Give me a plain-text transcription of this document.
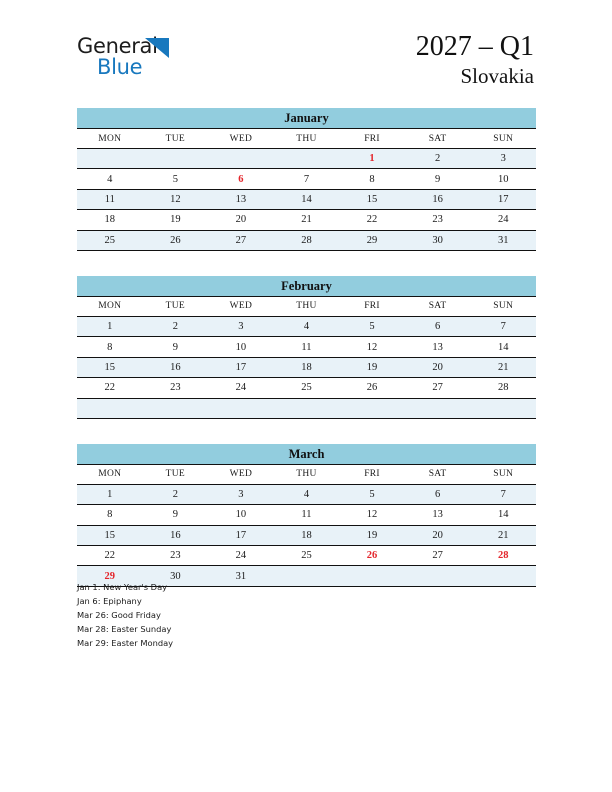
General
Blue
2027 – Q1
Slovakia
January
MON	TUE	WED	THU	FRI	SAT	SUN
				1	2	3
4	5	6	7	8	9	10
11	12	13	14	15	16	17
18	19	20	21	22	23	24
25	26	27	28	29	30	31
February
MON	TUE	WED	THU	FRI	SAT	SUN
1	2	3	4	5	6	7
8	9	10	11	12	13	14
15	16	17	18	19	20	21
22	23	24	25	26	27	28

March
MON	TUE	WED	THU	FRI	SAT	SUN
1	2	3	4	5	6	7
8	9	10	11	12	13	14
15	16	17	18	19	20	21
22	23	24	25	26	27	28
29	30	31				
Jan 1: New Year's Day
Jan 6: Epiphany
Mar 26: Good Friday
Mar 28: Easter Sunday
Mar 29: Easter Monday
